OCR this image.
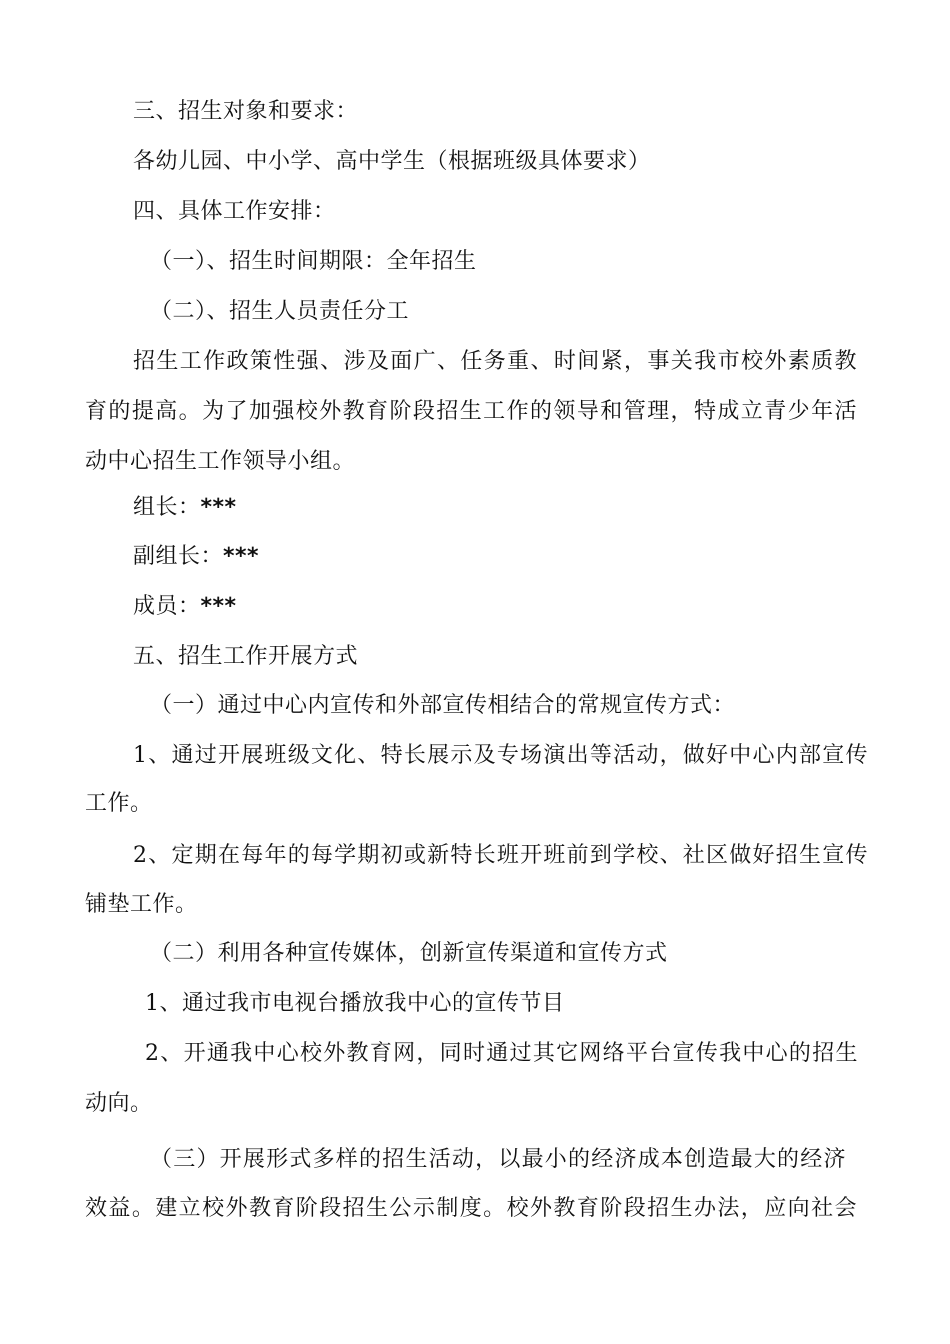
三、招生对象和要求：
各幼儿园、中小学、高中学生（根据班级具体要求）
四、具体工作安排：
（一）、招生时间期限：全年招生
（二）、招生人员责任分工
招生工作政策性强、涉及面广、任务重、时间紧，事关我市校外素质教
育的提高。为了加强校外教育阶段招生工作的领导和管理，特成立青少年活
动中心招生工作领导小组。
组长：***
副组长：***
成员：***
五、招生工作开展方式
（一）通过中心内宣传和外部宣传相结合的常规宣传方式：
1、通过开展班级文化、特长展示及专场演出等活动，做好中心内部宣传
工作。
2、定期在每年的每学期初或新特长班开班前到学校、社区做好招生宣传
铺垫工作。
（二）利用各种宣传媒体，创新宣传渠道和宣传方式
1、通过我市电视台播放我中心的宣传节目
2、开通我中心校外教育网，同时通过其它网络平台宣传我中心的招生
动向。
（三）开展形式多样的招生活动，以最小的经济成本创造最大的经济
效益。建立校外教育阶段招生公示制度。校外教育阶段招生办法，应向社会
